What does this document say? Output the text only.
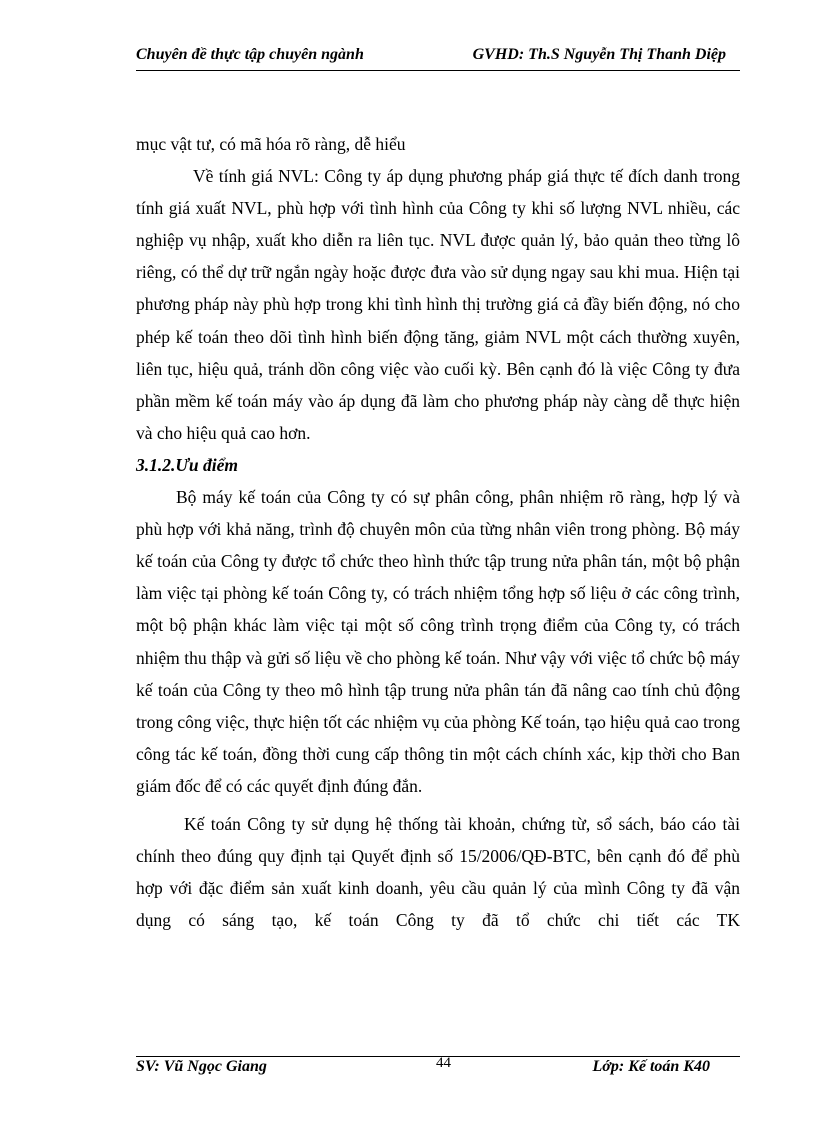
Chuyên đề thực tập chuyên ngành	GVHD: Th.S Nguyễn Thị Thanh Diệp

mục vật tư, có mã hóa rõ ràng, dễ hiểu

Về tính giá NVL: Công ty áp dụng phương pháp giá thực tế đích danh trong tính giá xuất NVL, phù hợp với tình hình của Công ty khi số lượng NVL nhiều, các nghiệp vụ nhập, xuất kho diễn ra liên tục. NVL được quản lý, bảo quản theo từng lô riêng, có thể dự trữ ngắn ngày hoặc được đưa vào sử dụng ngay sau khi mua. Hiện tại phương pháp này phù hợp trong khi tình hình thị trường giá cả đầy biến động, nó cho phép kế toán theo dõi tình hình biến động tăng, giảm NVL một cách thường xuyên, liên tục, hiệu quả, tránh dồn công việc vào cuối kỳ. Bên cạnh đó là việc Công ty đưa phần mềm kế toán máy vào áp dụng đã làm cho phương pháp này càng dễ thực hiện và cho hiệu quả cao hơn.

3.1.2.Ưu điểm

Bộ máy kế toán của Công ty có sự phân công, phân nhiệm rõ ràng, hợp lý và phù hợp với khả năng, trình độ chuyên môn của từng nhân viên trong phòng. Bộ máy kế toán của Công ty được tổ chức theo hình thức tập trung nửa phân tán, một bộ phận làm việc tại phòng kế toán Công ty, có trách nhiệm tổng hợp số liệu ở các công trình, một bộ phận khác làm việc tại một số công trình trọng điểm của Công ty, có trách nhiệm thu thập và gửi số liệu về cho phòng kế toán. Như vậy với việc tổ chức bộ máy kế toán của Công ty theo mô hình tập trung nửa phân tán đã nâng cao tính chủ động trong công việc, thực hiện tốt các nhiệm vụ của phòng Kế toán, tạo hiệu quả cao trong công tác kế toán, đồng thời cung cấp thông tin một cách chính xác, kịp thời cho Ban giám đốc để có các quyết định đúng đắn.

Kế toán Công ty sử dụng hệ thống tài khoản, chứng từ, sổ sách, báo cáo tài chính theo đúng quy định tại Quyết định số 15/2006/QĐ-BTC, bên cạnh đó để phù hợp với đặc điểm sản xuất kinh doanh, yêu cầu quản lý của mình Công ty đã vận dụng có sáng tạo, kế toán Công ty đã tổ chức chi tiết các TK

SV: Vũ Ngọc Giang	44	Lớp: Kế toán K40
